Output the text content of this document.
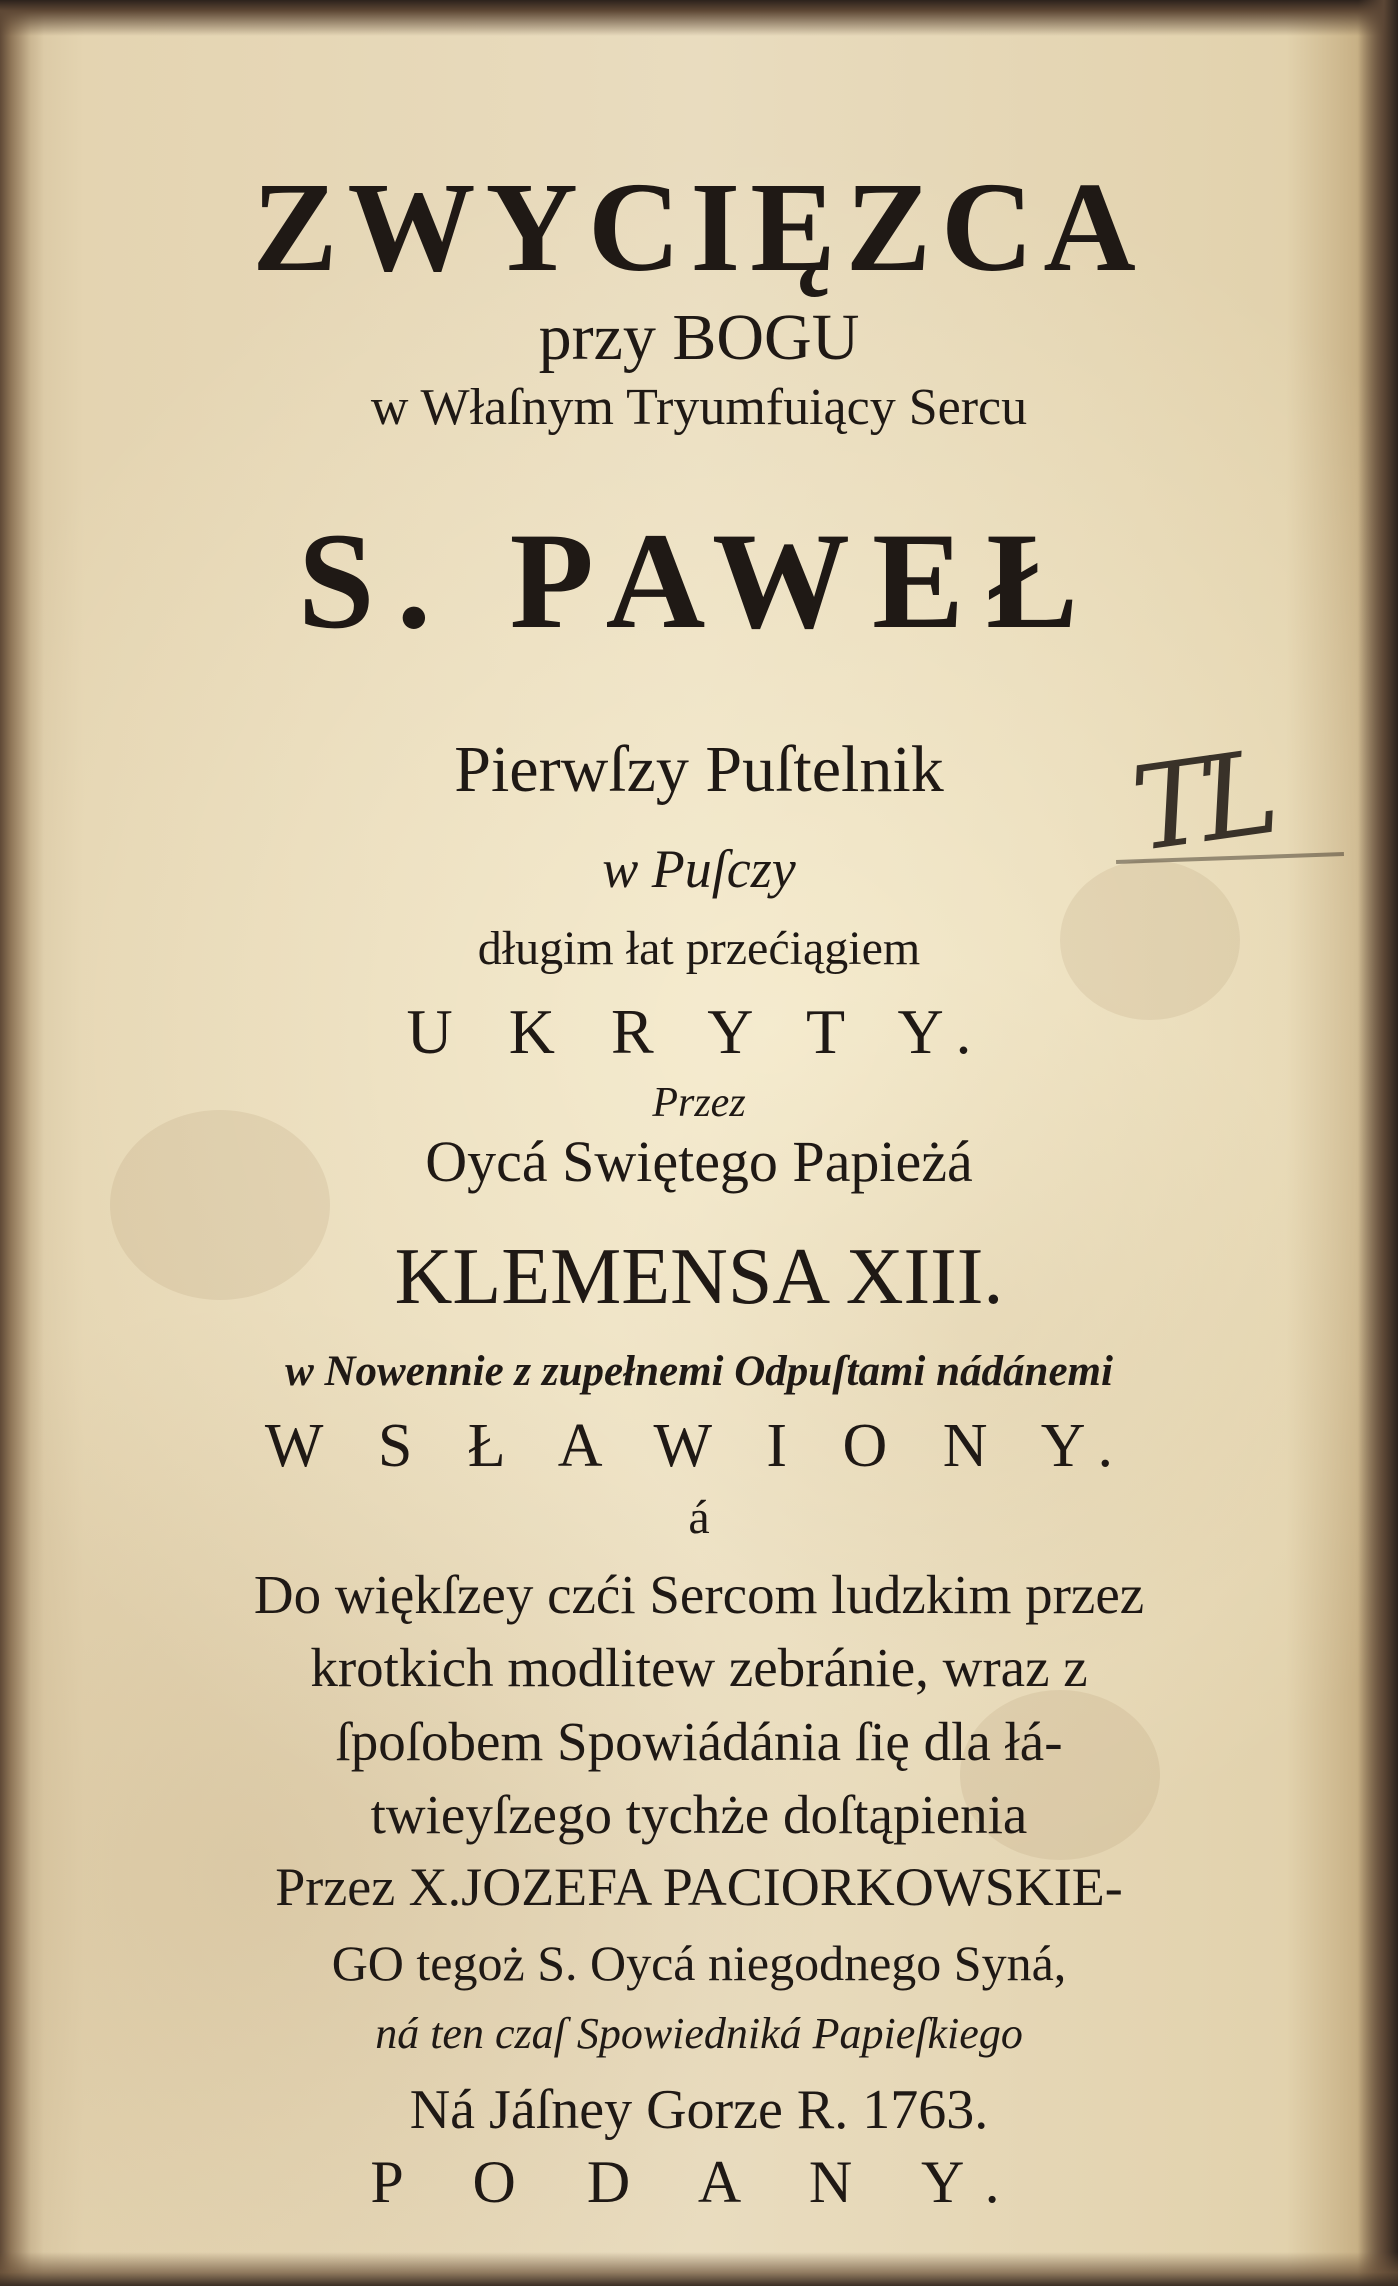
ZWYCIĘZCA
przy BOGU
w Właſnym Tryumfuiący Sercu
S. PAWEŁ
Pierwſzy Puſtelnik
w Puſczy
długim łat przećiągiem
U K R Y T Y.
Przez
Oycá Swiętego Papieżá
KLEMENSA XIII.
w Nowennie z zupełnemi Odpuſtami nádánemi
W S Ł A W I O N Y.
á
Do więkſzey czći Sercom ludzkim przez
krotkich modlitew zebránie, wraz z
ſpoſobem Spowiádánia ſię dla łá-
twieyſzego tychże doſtąpienia
Przez X.JOZEFA PACIORKOWSKIE-
GO tegoż S. Oycá niegodnego Syná,
ná ten czaſ Spowiedniká Papieſkiego
Ná Jáſney Gorze R. 1763.
P O D A N Y.
TL
